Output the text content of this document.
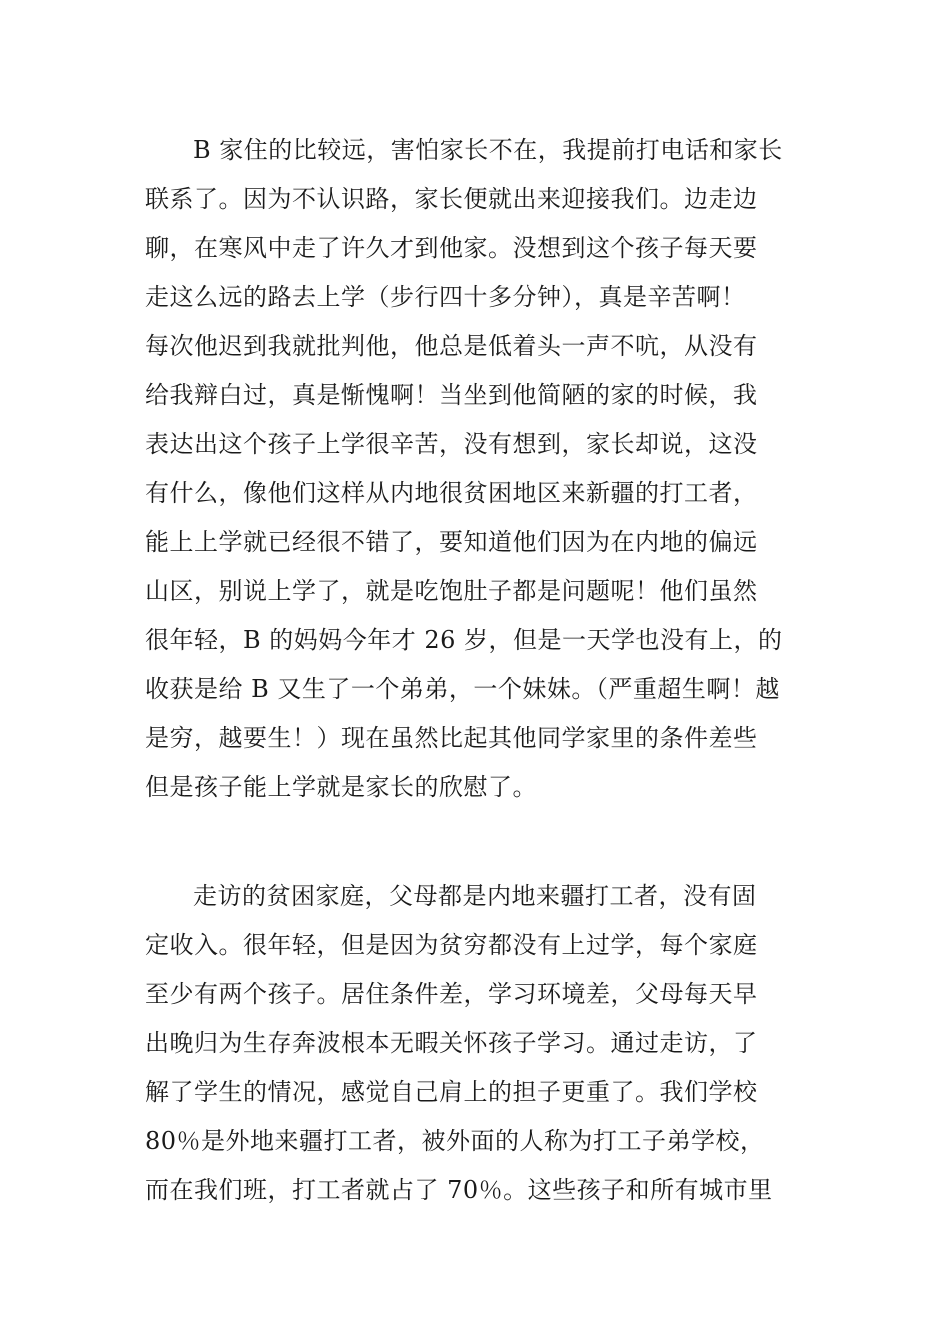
B 家住的比较远，害怕家长不在，我提前打电话和家长
联系了。因为不认识路，家长便就出来迎接我们。边走边
聊，在寒风中走了许久才到他家。没想到这个孩子每天要
走这么远的路去上学（步行四十多分钟），真是辛苦啊！
每次他迟到我就批判他，他总是低着头一声不吭，从没有
给我辩白过，真是惭愧啊！当坐到他简陋的家的时候，我
表达出这个孩子上学很辛苦，没有想到，家长却说，这没
有什么，像他们这样从内地很贫困地区来新疆的打工者，
能上上学就已经很不错了，要知道他们因为在内地的偏远
山区，别说上学了，就是吃饱肚子都是问题呢！他们虽然
很年轻，B 的妈妈今年才 26 岁，但是一天学也没有上，的
收获是给 B 又生了一个弟弟，一个妹妹。（严重超生啊！越
是穷，越要生！）现在虽然比起其他同学家里的条件差些
但是孩子能上学就是家长的欣慰了。
走访的贫困家庭，父母都是内地来疆打工者，没有固
定收入。很年轻，但是因为贫穷都没有上过学，每个家庭
至少有两个孩子。居住条件差，学习环境差，父母每天早
出晚归为生存奔波根本无暇关怀孩子学习。通过走访，了
解了学生的情况，感觉自己肩上的担子更重了。我们学校
80％是外地来疆打工者，被外面的人称为打工子弟学校，
而在我们班，打工者就占了 70％。这些孩子和所有城市里
